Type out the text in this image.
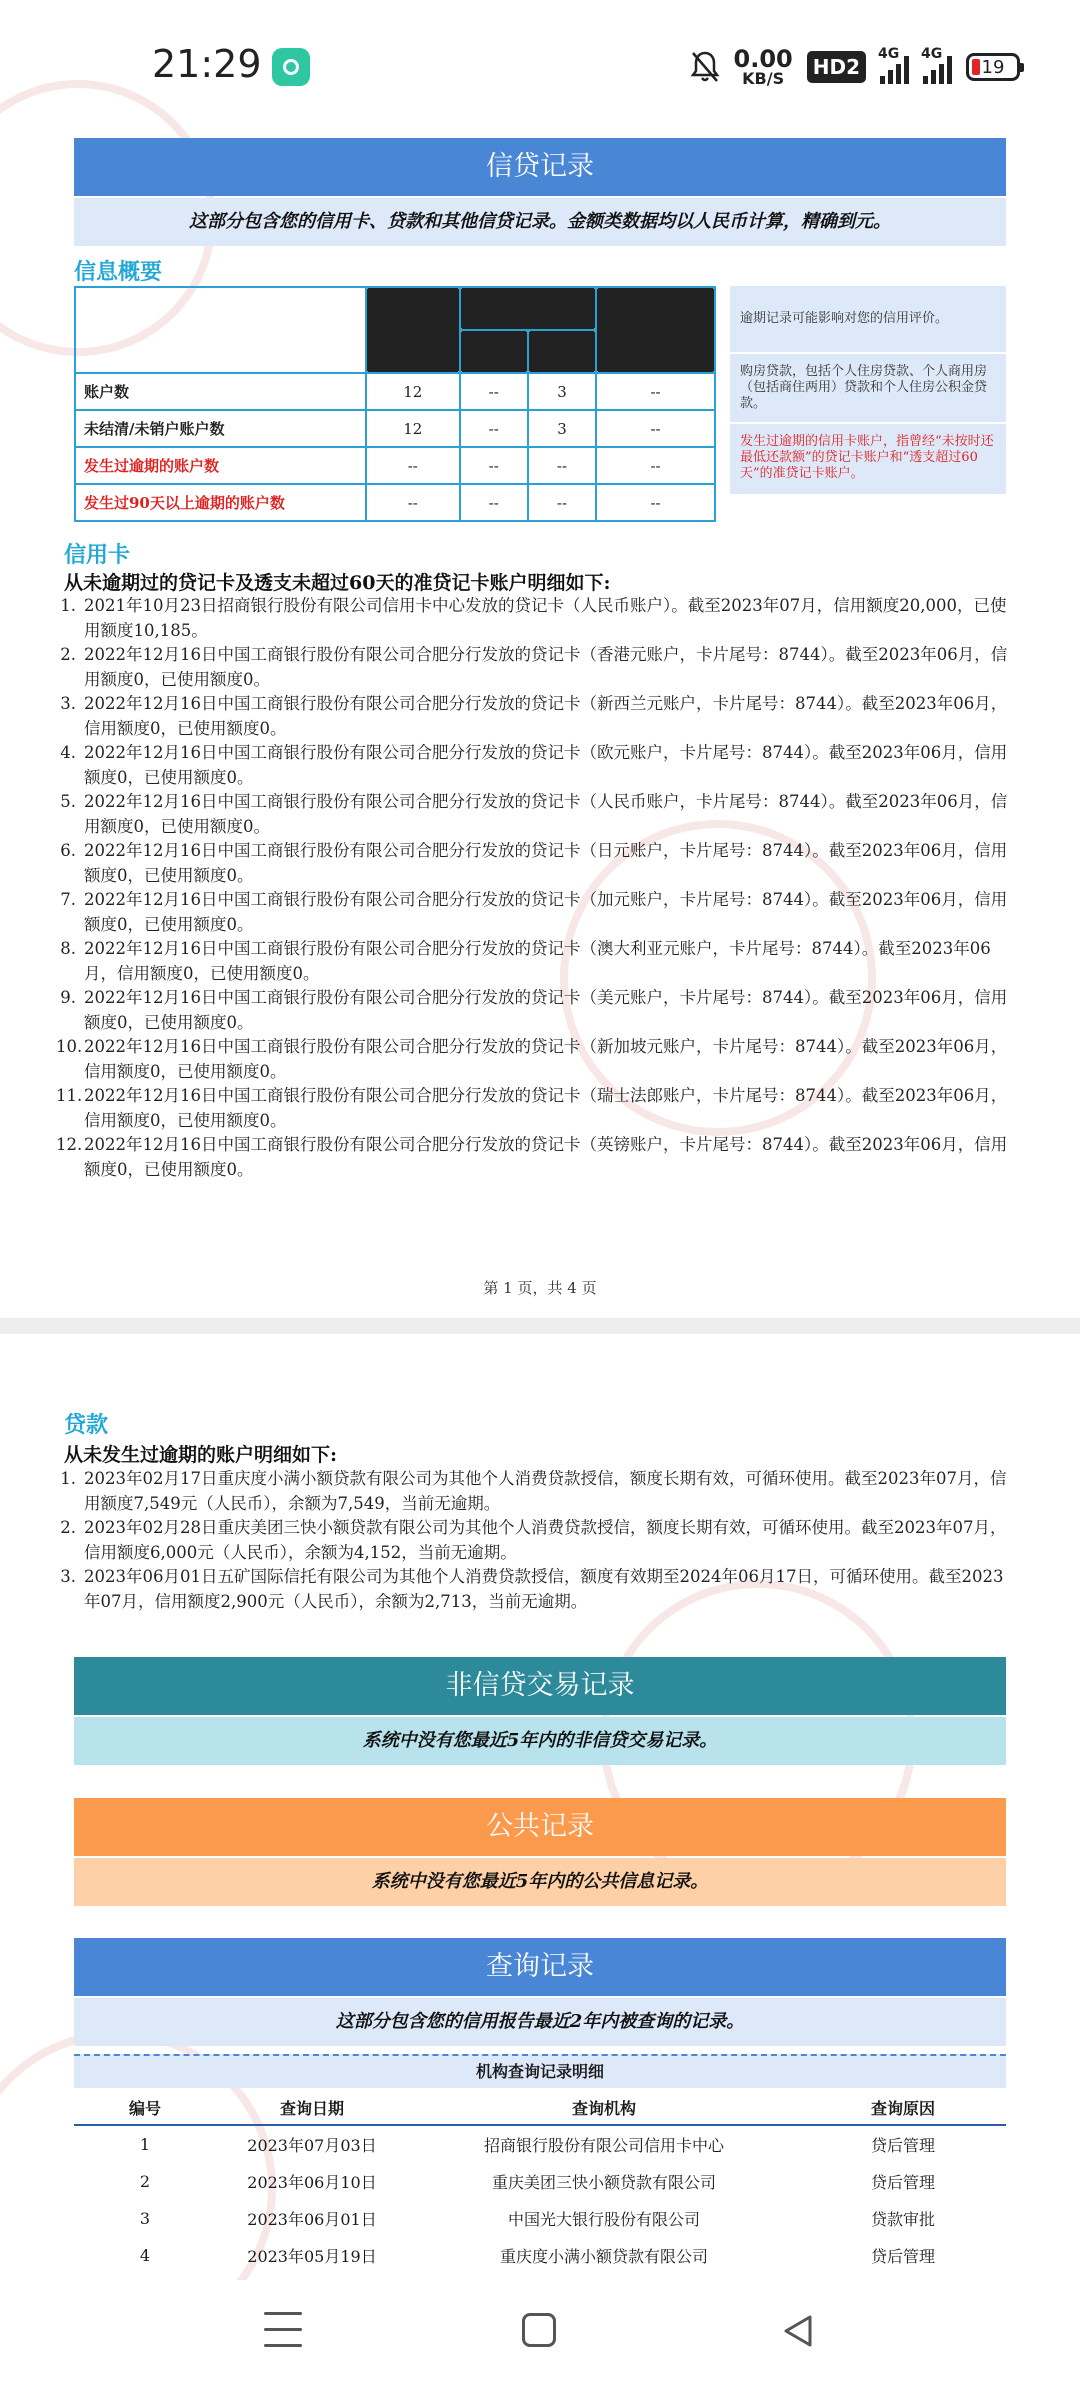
21:29	0.00
KB/S	HD2
4G 4G
19
信贷记录
这部分包含您的信用卡、贷款和其他信贷记录。金额类数据均以人民币计算，精确到元。
信息概要
	信用卡	贷款		其他业务
		购房	其他	
账户数	12	--	3	--
未结清/未销户账户数	12	--	3	--
发生过逾期的账户数	--	--	--	--
发生过90天以上逾期的账户数	--	--	--	--
逾期记录可能影响对您的信用评价。
购房贷款，包括个人住房贷款、个人商用房（包括商住两用）贷款和个人住房公积金贷款。
发生过逾期的信用卡账户，指曾经“未按时还最低还款额”的贷记卡账户和“透支超过60天”的准贷记卡账户。
信用卡
从未逾期过的贷记卡及透支未超过60天的准贷记卡账户明细如下:
1. 2021年10月23日招商银行股份有限公司信用卡中心发放的贷记卡（人民币账户）。截至2023年07月，信用额度20,000，已使用额度10,185。
2. 2022年12月16日中国工商银行股份有限公司合肥分行发放的贷记卡（香港元账户，卡片尾号：8744）。截至2023年06月，信用额度0，已使用额度0。
3. 2022年12月16日中国工商银行股份有限公司合肥分行发放的贷记卡（新西兰元账户，卡片尾号：8744）。截至2023年06月，信用额度0，已使用额度0。
4. 2022年12月16日中国工商银行股份有限公司合肥分行发放的贷记卡（欧元账户，卡片尾号：8744）。截至2023年06月，信用额度0，已使用额度0。
5. 2022年12月16日中国工商银行股份有限公司合肥分行发放的贷记卡（人民币账户，卡片尾号：8744）。截至2023年06月，信用额度0，已使用额度0。
6. 2022年12月16日中国工商银行股份有限公司合肥分行发放的贷记卡（日元账户，卡片尾号：8744）。截至2023年06月，信用额度0，已使用额度0。
7. 2022年12月16日中国工商银行股份有限公司合肥分行发放的贷记卡（加元账户，卡片尾号：8744）。截至2023年06月，信用额度0，已使用额度0。
8. 2022年12月16日中国工商银行股份有限公司合肥分行发放的贷记卡（澳大利亚元账户，卡片尾号：8744）。截至2023年06月，信用额度0，已使用额度0。
9. 2022年12月16日中国工商银行股份有限公司合肥分行发放的贷记卡（美元账户，卡片尾号：8744）。截至2023年06月，信用额度0，已使用额度0。
10. 2022年12月16日中国工商银行股份有限公司合肥分行发放的贷记卡（新加坡元账户，卡片尾号：8744）。截至2023年06月，信用额度0，已使用额度0。
11. 2022年12月16日中国工商银行股份有限公司合肥分行发放的贷记卡（瑞士法郎账户，卡片尾号：8744）。截至2023年06月，信用额度0，已使用额度0。
12. 2022年12月16日中国工商银行股份有限公司合肥分行发放的贷记卡（英镑账户，卡片尾号：8744）。截至2023年06月，信用额度0，已使用额度0。
第 1 页，共 4 页
贷款
从未发生过逾期的账户明细如下:
1. 2023年02月17日重庆度小满小额贷款有限公司为其他个人消费贷款授信，额度长期有效，可循环使用。截至2023年07月，信用额度7,549元（人民币），余额为7,549，当前无逾期。
2. 2023年02月28日重庆美团三快小额贷款有限公司为其他个人消费贷款授信，额度长期有效，可循环使用。截至2023年07月，信用额度6,000元（人民币），余额为4,152，当前无逾期。
3. 2023年06月01日五矿国际信托有限公司为其他个人消费贷款授信，额度有效期至2024年06月17日，可循环使用。截至2023年07月，信用额度2,900元（人民币），余额为2,713，当前无逾期。
非信贷交易记录
系统中没有您最近5年内的非信贷交易记录。
公共记录
系统中没有您最近5年内的公共信息记录。
查询记录
这部分包含您的信用报告最近2年内被查询的记录。
机构查询记录明细
编号	查询日期	查询机构	查询原因
1	2023年07月03日	招商银行股份有限公司信用卡中心	贷后管理
2	2023年06月10日	重庆美团三快小额贷款有限公司	贷后管理
3	2023年06月01日	中国光大银行股份有限公司	贷款审批
4	2023年05月19日	重庆度小满小额贷款有限公司	贷后管理
